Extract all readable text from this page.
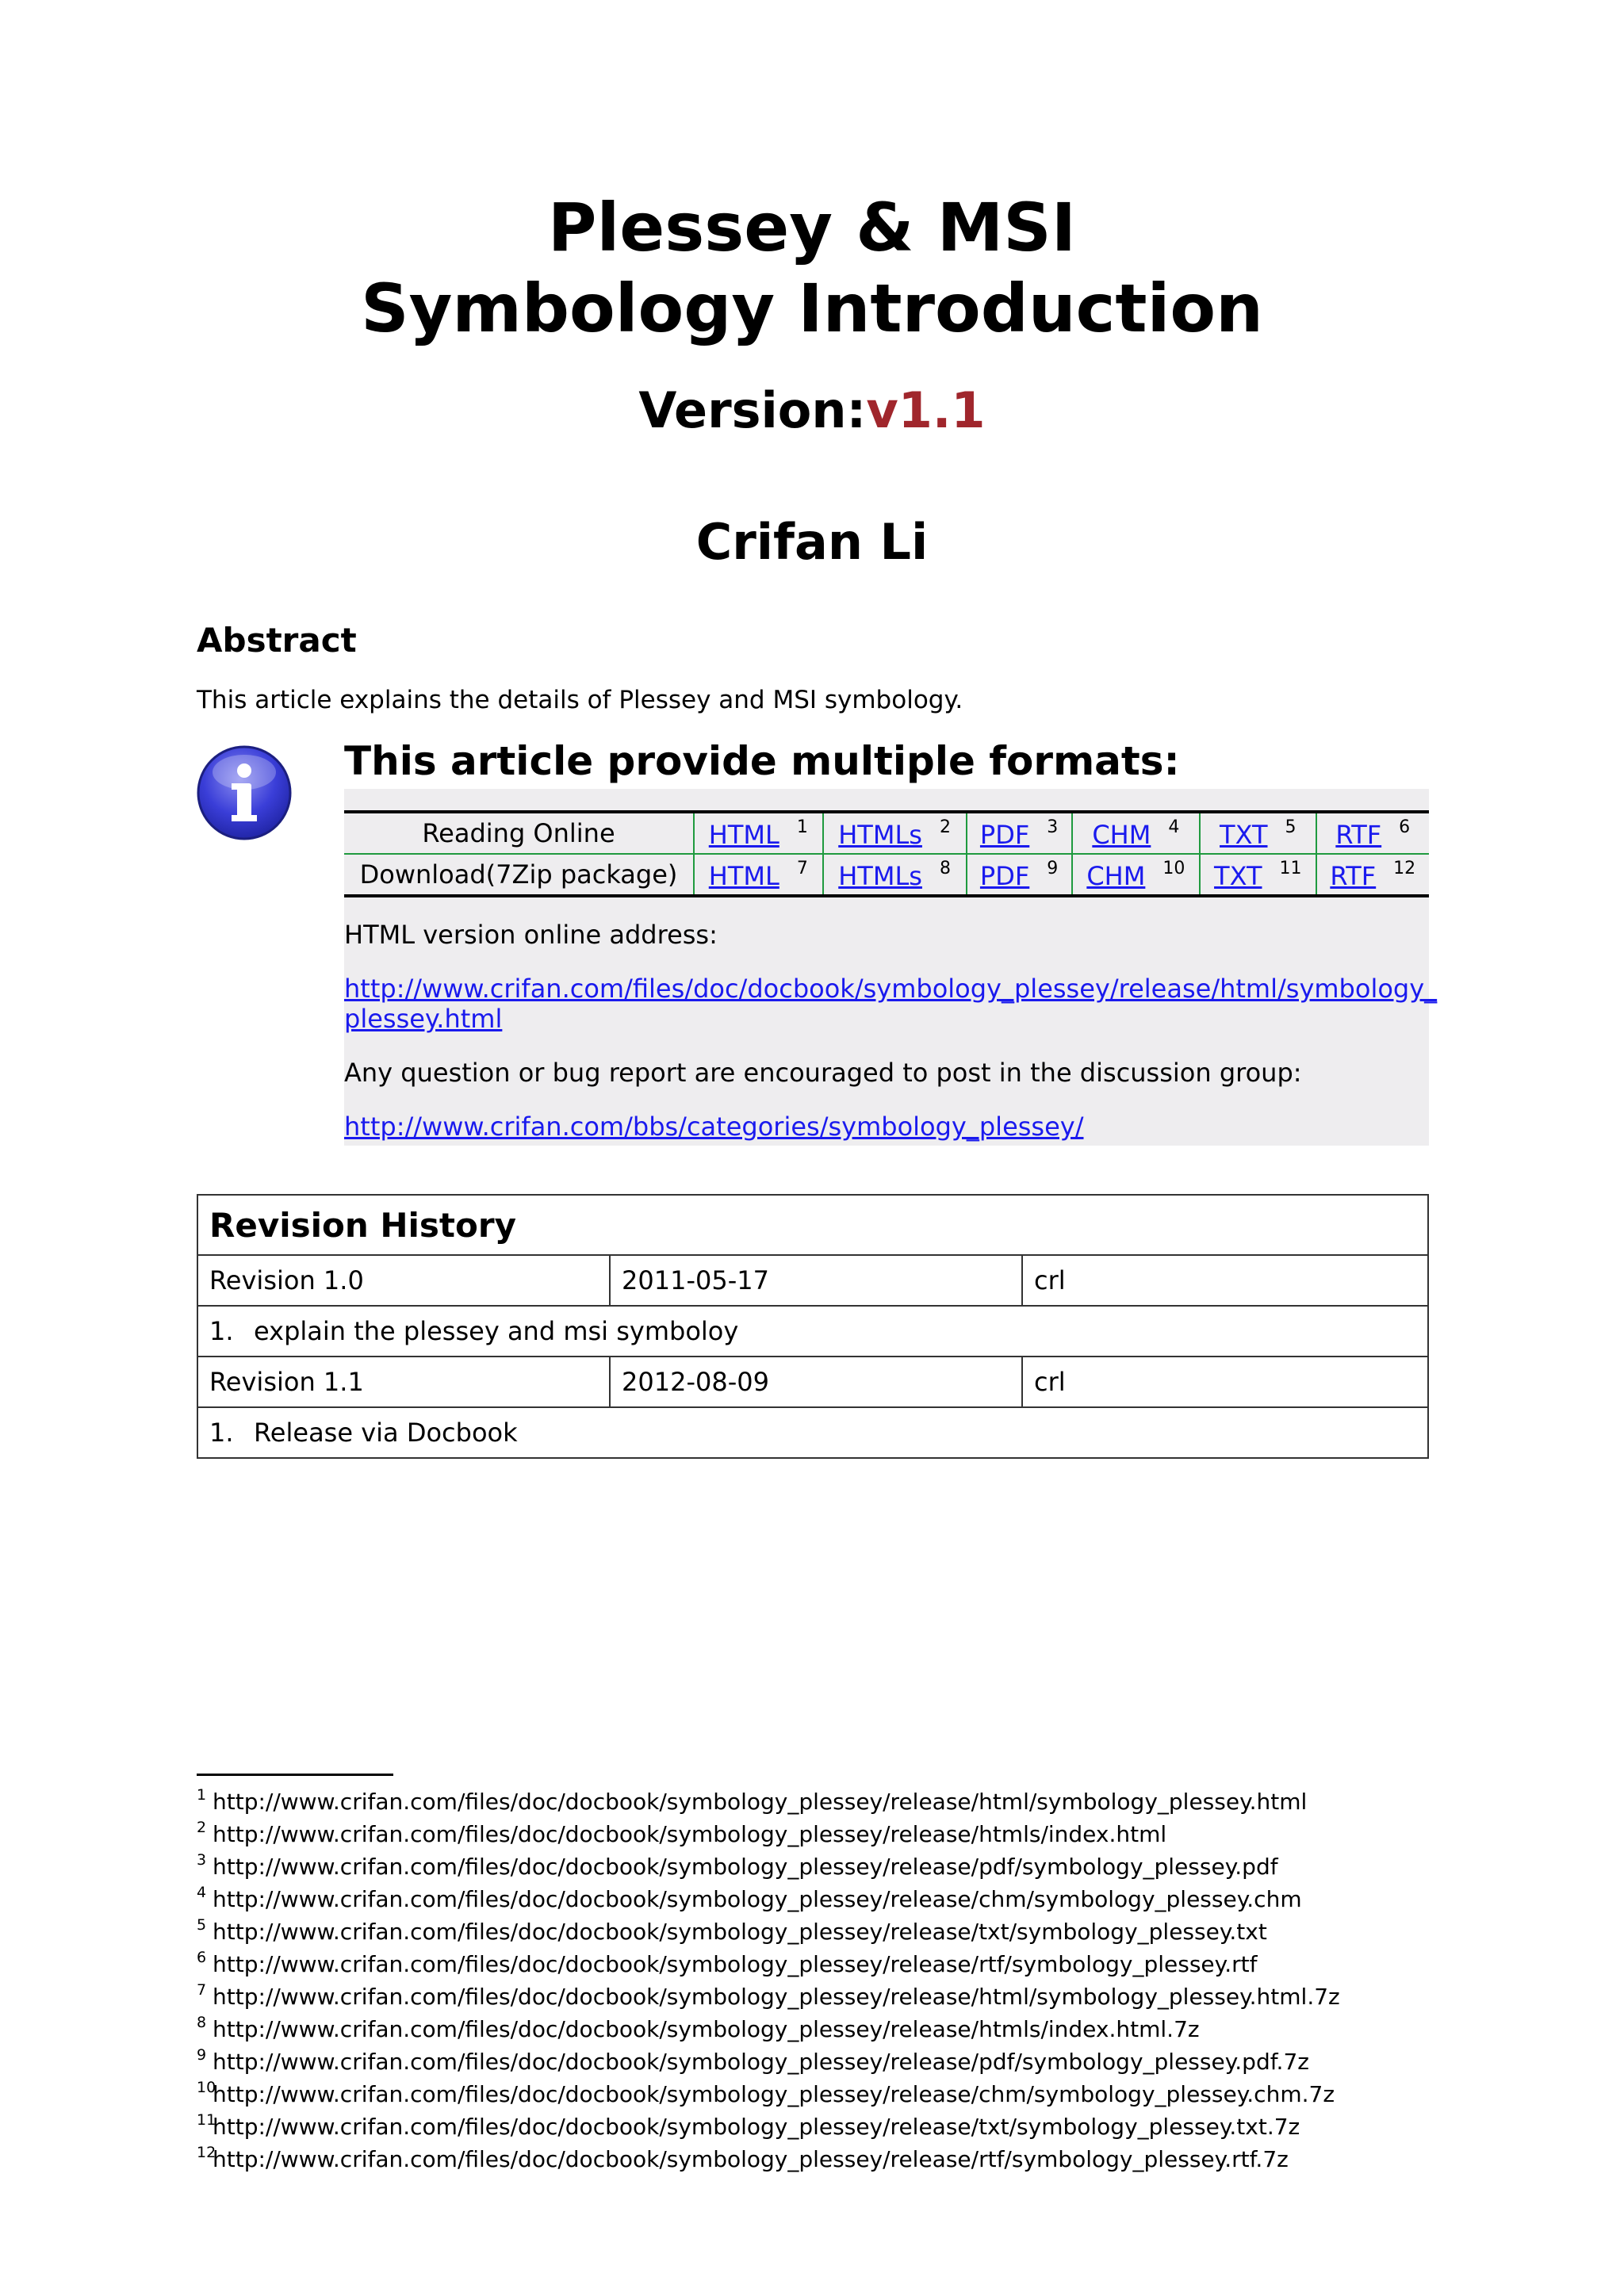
Plessey & MSI
Symbology Introduction
Version:v1.1
Crifan Li
Abstract
This article explains the details of Plessey and MSI symbology.
This article provide multiple formats:
Reading Online	HTML $^1$	HTMLs $^2$	PDF $^3$	CHM $^4$	TXT $^5$	RTF $^6$
Download(7Zip package)	HTML $^7$	HTMLs $^8$	PDF $^9$	CHM $^{10}$	TXT $^{11}$	RTF $^{12}$
HTML version online address:
http://www.crifan.com/files/doc/docbook/symbology_plessey/release/html/symbology_
plessey.html
Any question or bug report are encouraged to post in the discussion group:
http://www.crifan.com/bbs/categories/symbology_plessey/
Revision History		
Revision 1.0	2011-05-17	crl
1. explain the plessey and msi symboloy		
Revision 1.1	2012-08-09	crl
1. Release via Docbook		
$^1$ http://www.crifan.com/files/doc/docbook/symbology_plessey/release/html/symbology_plessey.html
$^2$ http://www.crifan.com/files/doc/docbook/symbology_plessey/release/htmls/index.html
$^3$ http://www.crifan.com/files/doc/docbook/symbology_plessey/release/pdf/symbology_plessey.pdf
$^4$ http://www.crifan.com/files/doc/docbook/symbology_plessey/release/chm/symbology_plessey.chm
$^5$ http://www.crifan.com/files/doc/docbook/symbology_plessey/release/txt/symbology_plessey.txt
$^6$ http://www.crifan.com/files/doc/docbook/symbology_plessey/release/rtf/symbology_plessey.rtf
$^7$ http://www.crifan.com/files/doc/docbook/symbology_plessey/release/html/symbology_plessey.html.7z
$^8$ http://www.crifan.com/files/doc/docbook/symbology_plessey/release/htmls/index.html.7z
$^9$ http://www.crifan.com/files/doc/docbook/symbology_plessey/release/pdf/symbology_plessey.pdf.7z
$^{10}$http://www.crifan.com/files/doc/docbook/symbology_plessey/release/chm/symbology_plessey.chm.7z
$^{11}$http://www.crifan.com/files/doc/docbook/symbology_plessey/release/txt/symbology_plessey.txt.7z
$^{12}$http://www.crifan.com/files/doc/docbook/symbology_plessey/release/rtf/symbology_plessey.rtf.7z
